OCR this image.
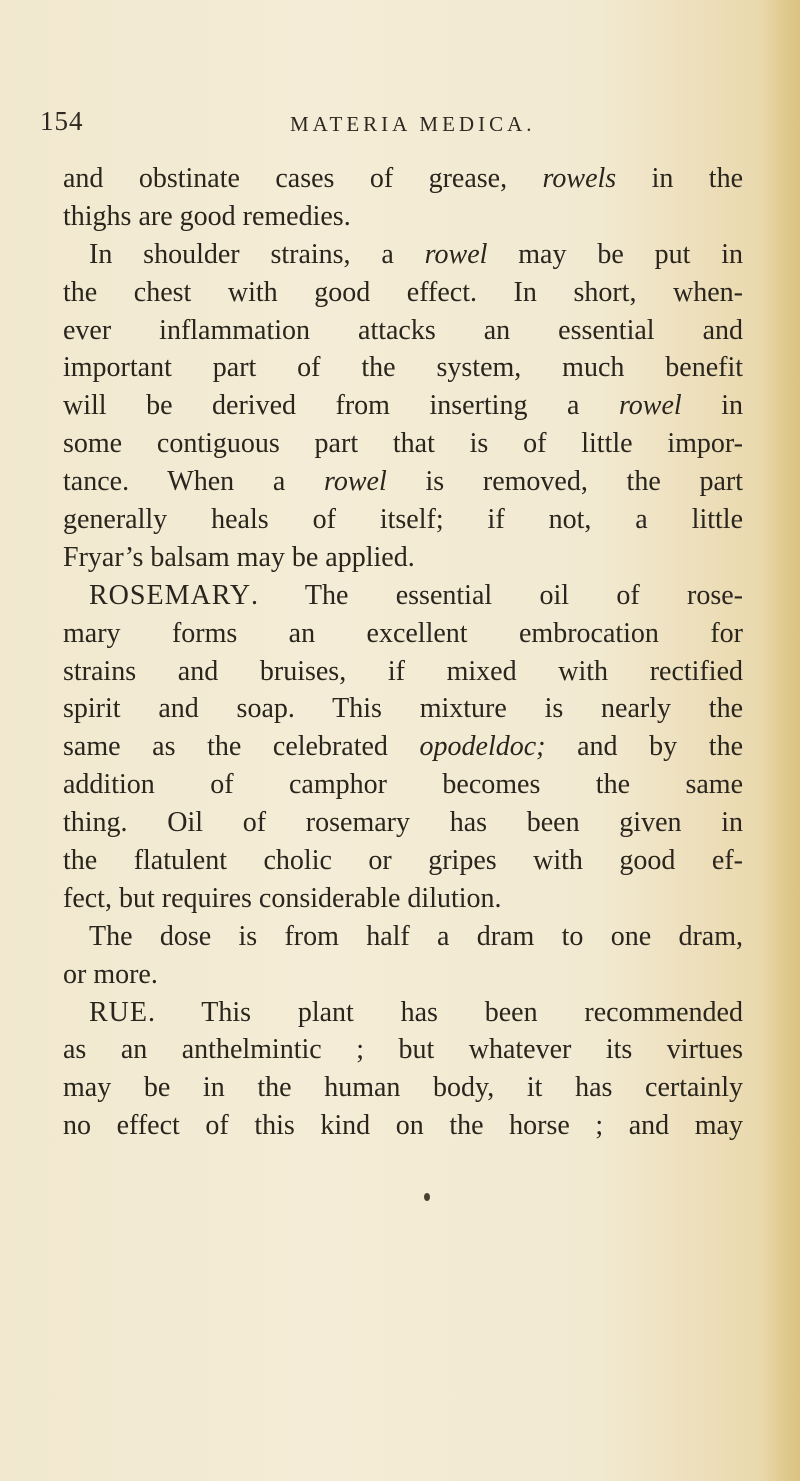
154	MATERIA MEDICA.
and obstinate cases of grease, rowels in the
thighs are good remedies.
In shoulder strains, a rowel may be put in
the chest with good effect. In short, when-
ever inflammation attacks an essential and
important part of the system, much benefit
will be derived from inserting a rowel in
some contiguous part that is of little impor-
tance. When a rowel is removed, the part
generally heals of itself; if not, a little
Fryar’s balsam may be applied.
ROSEMARY. The essential oil of rose-
mary forms an excellent embrocation for
strains and bruises, if mixed with rectified
spirit and soap. This mixture is nearly the
same as the celebrated opodeldoc; and by the
addition of camphor becomes the same
thing. Oil of rosemary has been given in
the flatulent cholic or gripes with good ef-
fect, but requires considerable dilution.
The dose is from half a dram to one dram,
or more.
RUE. This plant has been recommended
as an anthelmintic ; but whatever its virtues
may be in the human body, it has certainly
no effect of this kind on the horse ; and may
